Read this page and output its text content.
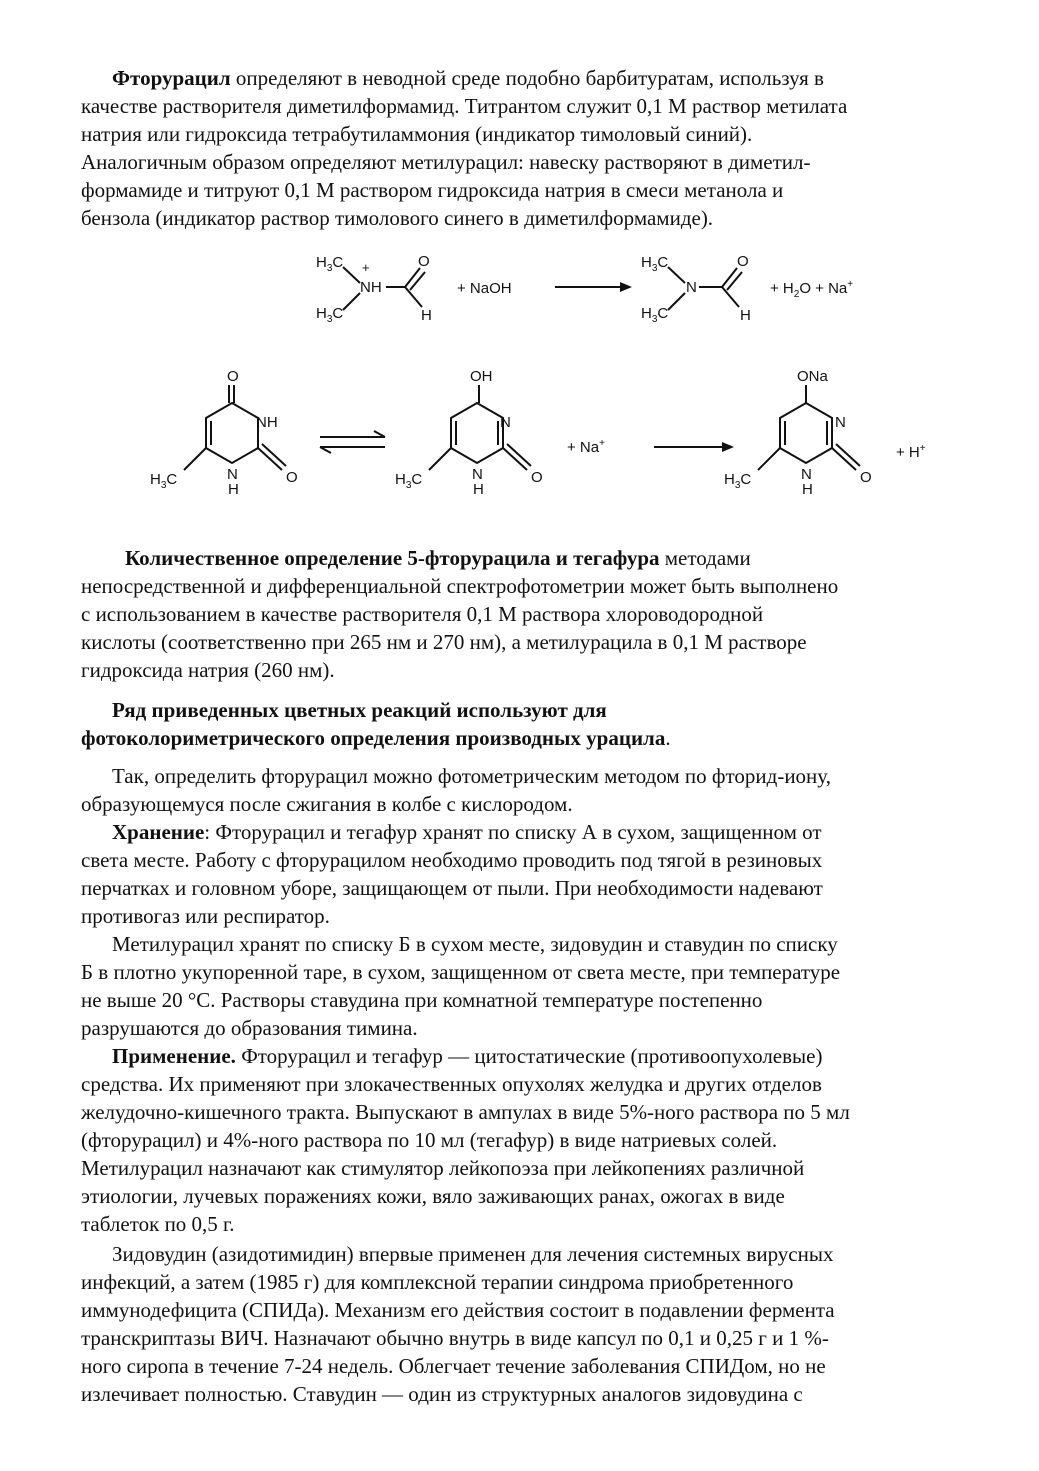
Фторурацил определяют в неводной среде подобно барбитуратам, используя в
качестве растворителя диметилформамид. Титрантом служит 0,1 М раствор метилата
натрия или гидроксида тетрабутиламмония (индикатор тимоловый синий).
Аналогичным образом определяют метилурацил: навеску растворяют в диметил-
формамиде и титруют 0,1 М раствором гидроксида натрия в смеси метанола и
бензола (индикатор раствор тимолового синего в диметилформамиде).
$H_3C$ +
NH
$H_3C$
O
H
+ NaOH
$H_3C$
N
$H_3C$
O
H
+ $H_2O + Na^+$
O
NH
N
H
O
$H_3C$
OH
N
N
H
O
$H_3C$
+ Na+
ONa
N
N
H
O
$H_3C$
+ H+
Количественное определение 5-фторурацила и тегафура методами
непосредственной и дифференциальной спектрофотометрии может быть выполнено
с использованием в качестве растворителя 0,1 М раствора хлороводородной
кислоты (соответственно при 265 нм и 270 нм), а метилурацила в 0,1 М растворе
гидроксида натрия (260 нм).
Ряд приведенных цветных реакций используют для
фотоколориметрического определения производных урацила.
Так, определить фторурацил можно фотометрическим методом по фторид-иону,
образующемуся после сжигания в колбе с кислородом.
Хранение: Фторурацил и тегафур хранят по списку А в сухом, защищенном от
света месте. Работу с фторурацилом необходимо проводить под тягой в резиновых
перчатках и головном уборе, защищающем от пыли. При необходимости надевают
противогаз или респиратор.
Метилурацил хранят по списку Б в сухом месте, зидовудин и ставудин по списку
Б в плотно укупоренной таре, в сухом, защищенном от света месте, при температуре
не выше 20 °С. Растворы ставудина при комнатной температуре постепенно
разрушаются до образования тимина.
Применение. Фторурацил и тегафур — цитостатические (противоопухолевые)
средства. Их применяют при злокачественных опухолях желудка и других отделов
желудочно-кишечного тракта. Выпускают в ампулах в виде 5%-ного раствора по 5 мл
(фторурацил) и 4%-ного раствора по 10 мл (тегафур) в виде натриевых солей.
Метилурацил назначают как стимулятор лейкопоэза при лейкопениях различной
этиологии, лучевых поражениях кожи, вяло заживающих ранах, ожогах в виде
таблеток по 0,5 г.
Зидовудин (азидотимидин) впервые применен для лечения системных вирусных
инфекций, а затем (1985 г) для комплексной терапии синдрома приобретенного
иммунодефицита (СПИДа). Механизм его действия состоит в подавлении фермента
транскриптазы ВИЧ. Назначают обычно внутрь в виде капсул по 0,1 и 0,25 г и 1 %-
ного сиропа в течение 7-24 недель. Облегчает течение заболевания СПИДом, но не
излечивает полностью. Ставудин — один из структурных аналогов зидовудина с
